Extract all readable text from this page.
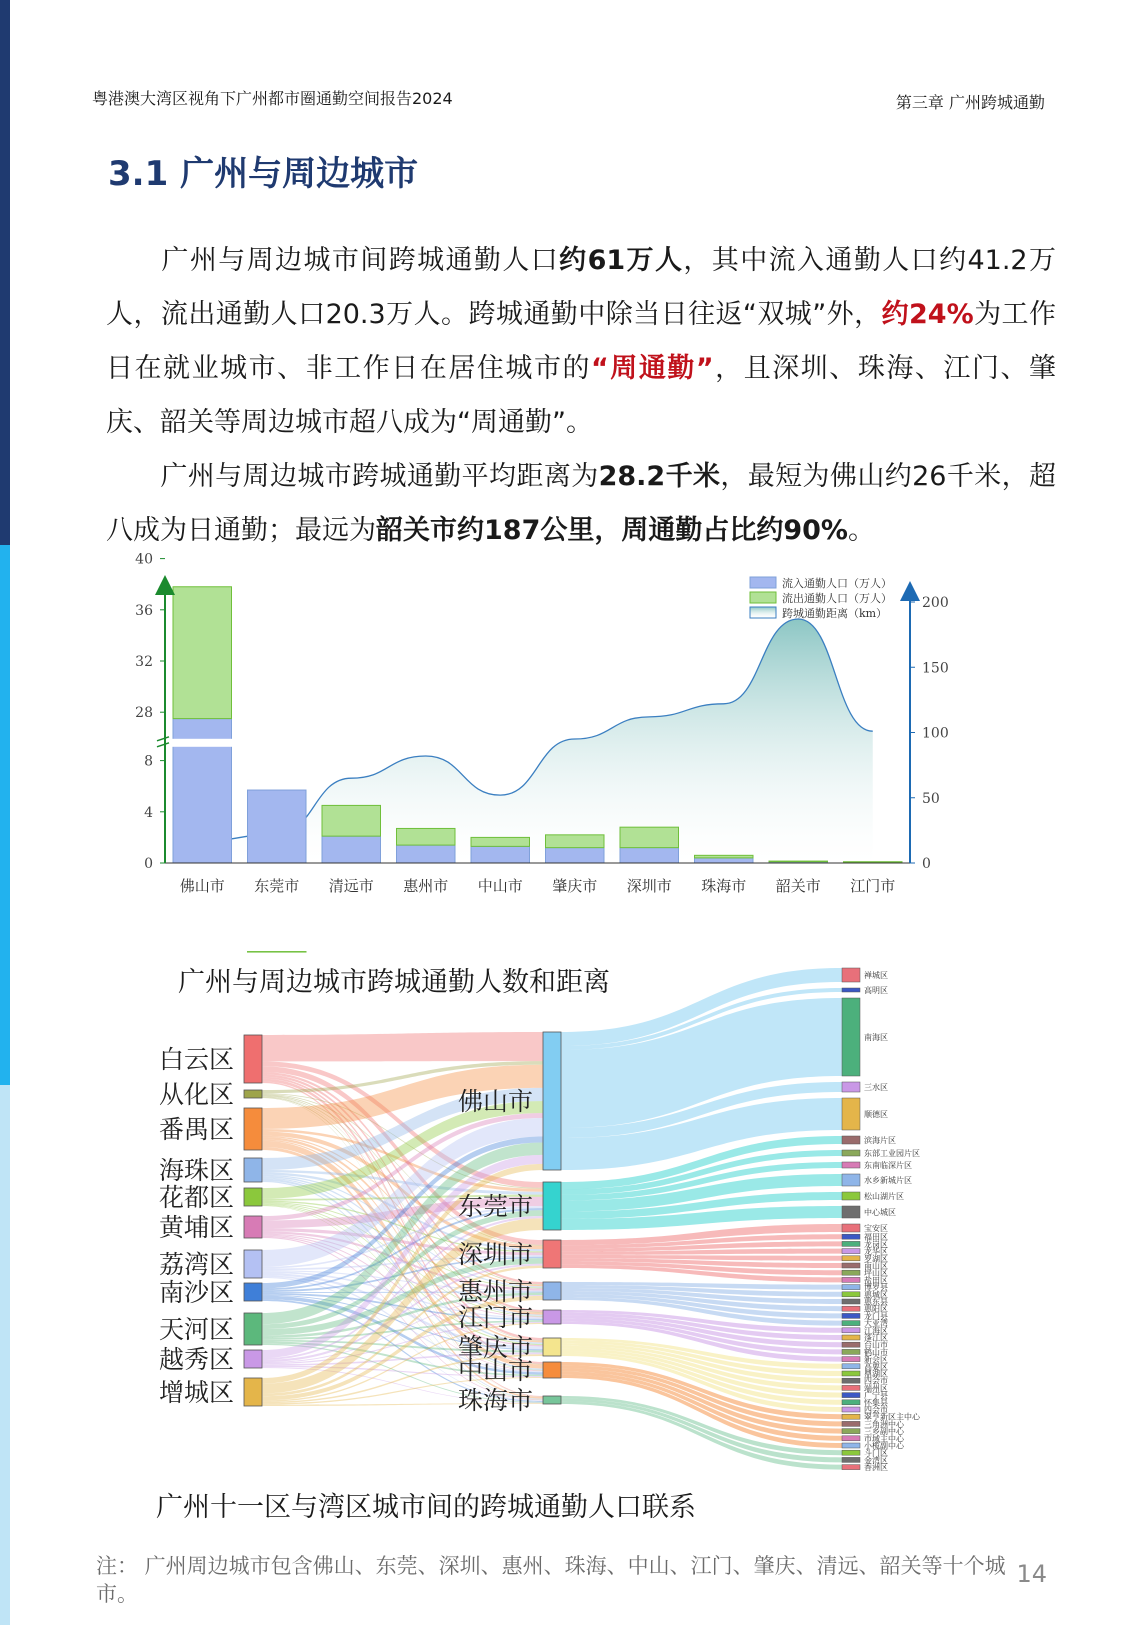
粤港澳大湾区视角下广州都市圈通勤空间报告2024	第三章 广州跨城通勤
3.1 广州与周边城市
  广州与周边城市间跨城通勤人口约61万人，其中流入通勤人口约41.2万人，流出通勤人口20.3万人。跨城通勤中除当日往返“双城”外，约24%为工作日在就业城市、非工作日在居住城市的“周通勤”，且深圳、珠海、江门、肇庆、韶关等周边城市超八成为“周通勤”。
  广州与周边城市跨城通勤平均距离为28.2千米，最短为佛山约26千米，超八成为日通勤；最远为韶关市约187公里，周通勤占比约90%。
佛山市 东莞市 清远市 惠州市 中山市 肇庆市 深圳市 珠海市 韶关市 江门市
0
4
8
28
32
36
40
0
50
100
150
200
流入通勤人口（万人）
流出通勤人口（万人）
跨城通勤距离（km）
广州与周边城市跨城通勤人数和距离
白云区
从化区
番禺区
海珠区
花都区
黄埔区
荔湾区
南沙区
天河区
越秀区
增城区
佛山市
东莞市
深圳市
惠州市
江门市
肇庆市
中山市
珠海市
禅城区
高明区
南海区
三水区
顺德区
滨海片区
东部工业园片区
东南临深片区
水乡新城片区
松山湖片区
中心城区
宝安区
福田区
龙岗区
龙华区
罗湖区
南山区
坪山区
盐田区
博罗县
惠城区
惠东县
惠阳区
龙门县
大亚湾
江海区
蓬江区
台山市
鹤山市
新会区
高要区
鼎湖区
四会市
端州区
广宁县
怀集县
四会市
翠亨新区主中心
三角洲中心
三乡副中心
市域主中心
小榄副中心
斗门区
金湾区
香洲区
广州十一区与湾区城市间的跨城通勤人口联系
注： 广州周边城市包含佛山、东莞、深圳、惠州、珠海、中山、江门、肇庆、清远、韶关等十个城市。
14
